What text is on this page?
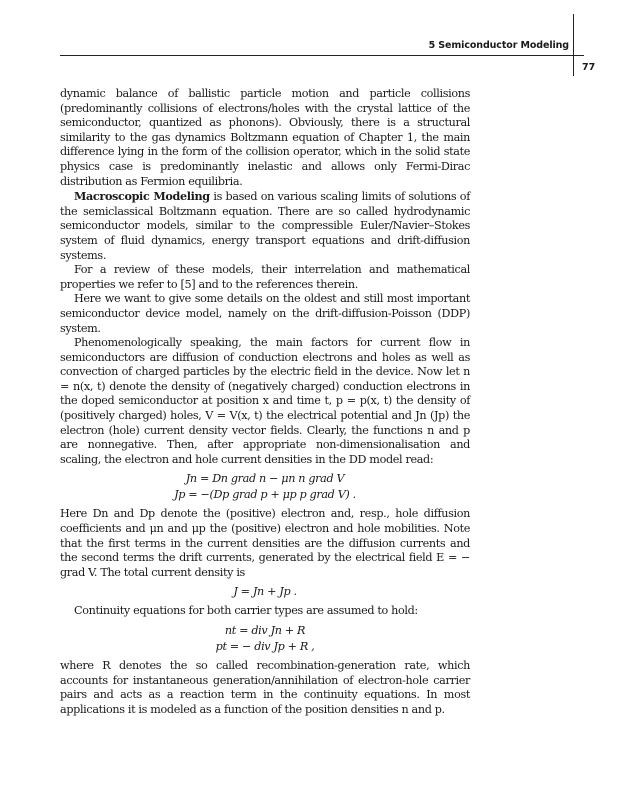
5 Semiconductor Modeling
77

dynamic balance of ballistic particle motion and particle collisions (predominantly collisions of electrons/holes with the crystal lattice of the semiconductor, quantized as phonons). Obviously, there is a structural similarity to the gas dynamics Boltzmann equation of Chapter 1, the main difference lying in the form of the collision operator, which in the solid state physics case is predominantly inelastic and allows only Fermi-Dirac distribution as Fermion equilibria.

Macroscopic Modeling is based on various scaling limits of solutions of the semiclassical Boltzmann equation. There are so called hydrodynamic semiconductor models, similar to the compressible Euler/Navier–Stokes system of fluid dynamics, energy transport equations and drift-diffusion systems.

For a review of these models, their interrelation and mathematical properties we refer to [5] and to the references therein.

Here we want to give some details on the oldest and still most important semiconductor device model, namely on the drift-diffusion-Poisson (DDP) system.

Phenomenologically speaking, the main factors for current flow in semiconductors are diffusion of conduction electrons and holes as well as convection of charged particles by the electric field in the device. Now let n = n(x, t) denote the density of (negatively charged) conduction electrons in the doped semiconductor at position x and time t, p = p(x, t) the density of (positively charged) holes, V = V(x, t) the electrical potential and Jn (Jp) the electron (hole) current density vector fields. Clearly, the functions n and p are nonnegative. Then, after appropriate non-dimensionalisation and scaling, the electron and hole current densities in the DD model read:

Jn = Dn grad n − μn n grad V
Jp = −(Dp grad p + μp p grad V) .

Here Dn and Dp denote the (positive) electron and, resp., hole diffusion coefficients and μn and μp the (positive) electron and hole mobilities. Note that the first terms in the current densities are the diffusion currents and the second terms the drift currents, generated by the electrical field E = − grad V. The total current density is

J = Jn + Jp .

Continuity equations for both carrier types are assumed to hold:

nt = div Jn + R
pt = − div Jp + R ,

where R denotes the so called recombination-generation rate, which accounts for instantaneous generation/annihilation of electron-hole carrier pairs and acts as a reaction term in the continuity equations. In most applications it is modeled as a function of the position densities n and p.
